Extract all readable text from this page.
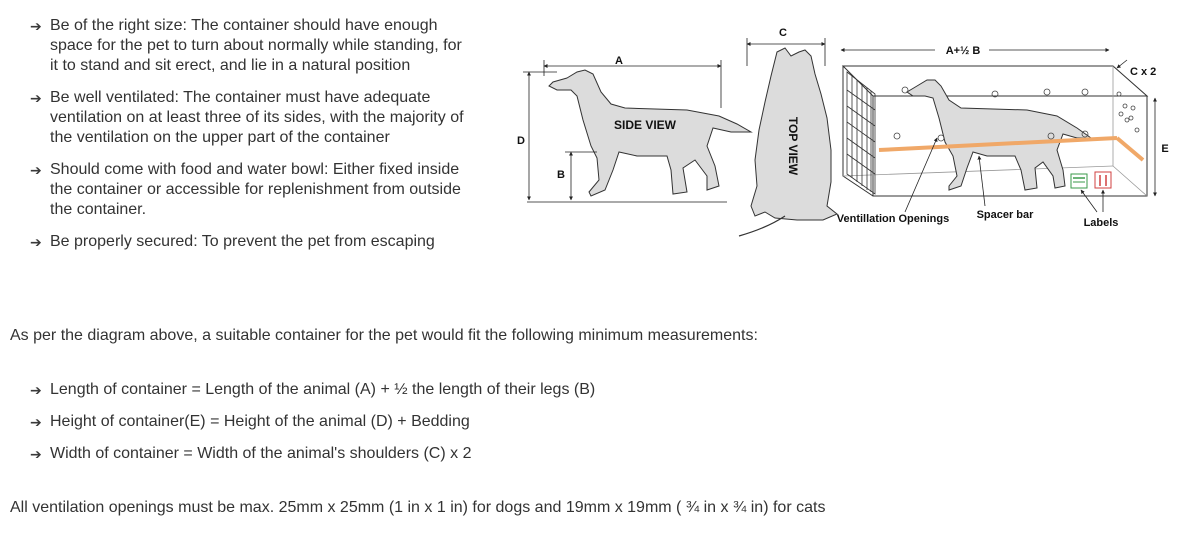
➔ Be of the right size: The container should have enough space for the pet to turn about normally while standing, for it to stand and sit erect, and lie in a natural position
➔ Be well ventilated: The container must have adequate ventilation on at least three of its sides, with the majority of the ventilation on the upper part of the container
➔ Should come with food and water bowl: Either fixed inside the container or accessible for replenishment from outside the container.
➔ Be properly secured: To prevent the pet from escaping
A
D
B
SIDE VIEW
C
TOP VIEW
A+½ B
E
C x 2
Ventillation Openings Spacer bar
Labels

As per the diagram above, a suitable container for the pet would fit the following minimum measurements:

➔ Length of container = Length of the animal (A) + ½ the length of their legs (B)
➔ Height of container(E) = Height of the animal (D) + Bedding
➔ Width of container = Width of the animal's shoulders (C) x 2

All ventilation openings must be max. 25mm x 25mm (1 in x 1 in) for dogs and 19mm x 19mm ( ¾ in x ¾ in) for cats
